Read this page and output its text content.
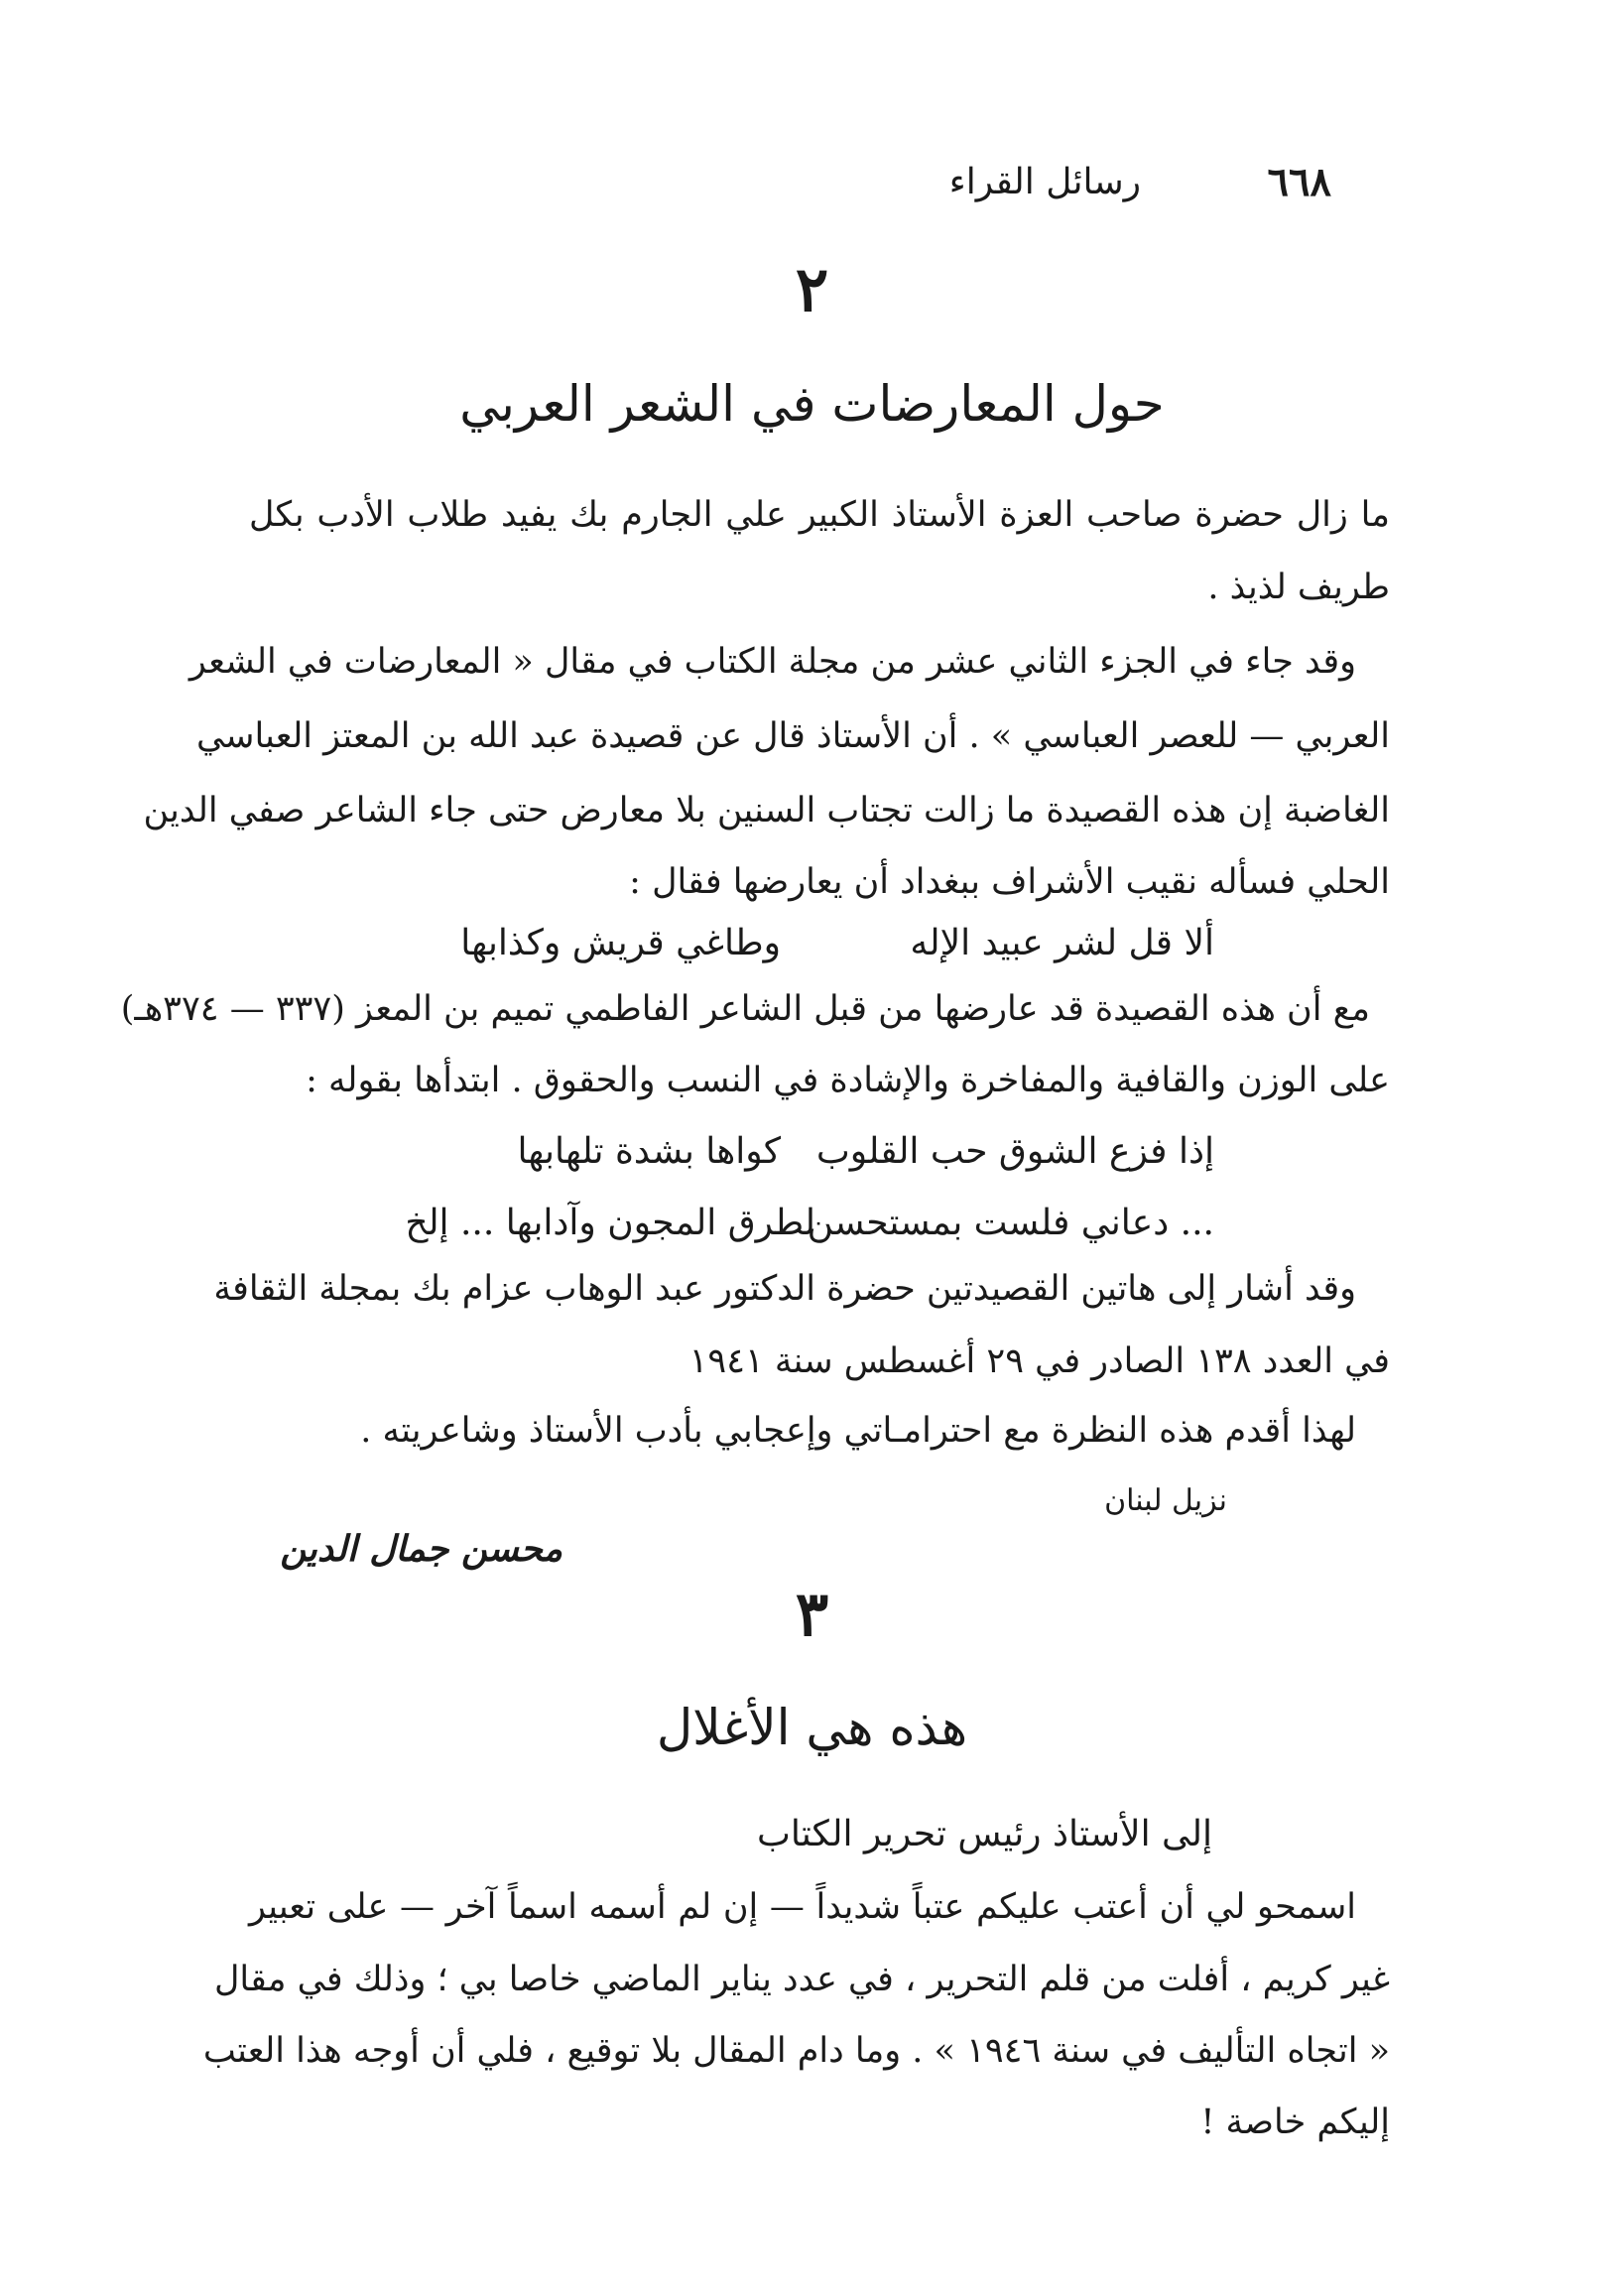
٦٦٨
رسائل القراء
٢
حول المعارضات في الشعر العربي
ما زال حضرة صاحب العزة الأستاذ الكبير علي الجارم بك يفيد طلاب الأدب بكل
طريف لذيذ .
وقد جاء في الجزء الثاني عشر من مجلة الكتاب في مقال « المعارضات في الشعر
العربي — للعصر العباسي » . أن الأستاذ قال عن قصيدة عبد الله بن المعتز العباسي
الغاضبة إن هذه القصيدة ما زالت تجتاب السنين بلا معارض حتى جاء الشاعر صفي الدين
الحلي فسأله نقيب الأشراف ببغداد أن يعارضها فقال :
ألا قل لشر عبيد الإله
وطاغي قريش وكذابها
مع أن هذه القصيدة قد عارضها من قبل الشاعر الفاطمي تميم بن المعز (٣٣٧ — ٣٧٤هـ)
على الوزن والقافية والمفاخرة والإشادة في النسب والحقوق . ابتدأها بقوله :
إذا فزع الشوق حب القلوب
كواها بشدة تلهابها
... دعاني فلست بمستحسن
لطرق المجون وآدابها ... إلخ
وقد أشار إلى هاتين القصيدتين حضرة الدكتور عبد الوهاب عزام بك بمجلة الثقافة
في العدد ١٣٨ الصادر في ٢٩ أغسطس سنة ١٩٤١
لهذا أقدم هذه النظرة مع احترامـاتي وإعجابي بأدب الأستاذ وشاعريته .
نزيل لبنان
محسن جمال الدين
٣
هذه هي الأغلال
إلى الأستاذ رئيس تحرير الكتاب
اسمحو لي أن أعتب عليكم عتباً شديداً — إن لم أسمه اسماً آخر — على تعبير
غير كريم ، أفلت من قلم التحرير ، في عدد يناير الماضي خاصا بي ؛ وذلك في مقال
« اتجاه التأليف في سنة ١٩٤٦ » . وما دام المقال بلا توقيع ، فلي أن أوجه هذا العتب
إليكم خاصة !
